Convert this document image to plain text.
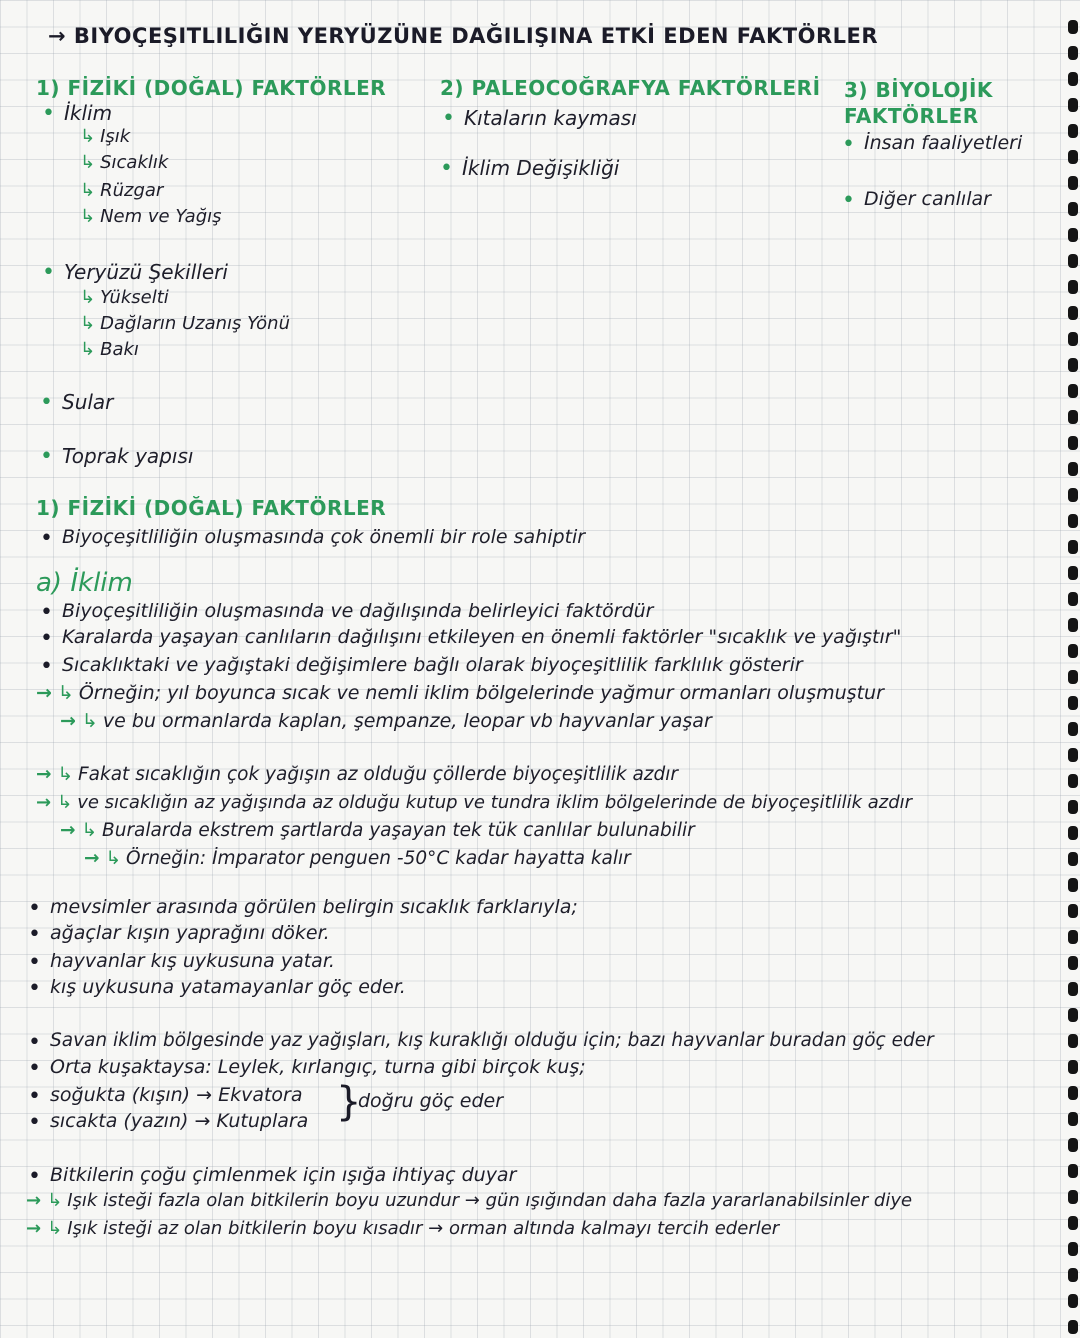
→ BIYOÇEŞITLILIĞIN YERYÜZÜNE DAĞILIŞINA ETKİ EDEN FAKTÖRLER
1) FİZİKİ (DOĞAL) FAKTÖRLER
• İklim
↳ Işık
↳ Sıcaklık
↳ Rüzgar
↳ Nem ve Yağış
• Yeryüzü Şekilleri
↳ Yükselti
↳ Dağların Uzanış Yönü
↳ Bakı
• Sular
• Toprak yapısı
2) PALEOCOĞRAFYA FAKTÖRLERİ
• Kıtaların kayması
• İklim Değişikliği
3) BİYOLOJİK
FAKTÖRLER
• İnsan faaliyetleri
• Diğer canlılar
1) FİZİKİ (DOĞAL) FAKTÖRLER
• Biyoçeşitliliğin oluşmasında çok önemli bir role sahiptir
a) İklim
• Biyoçeşitliliğin oluşmasında ve dağılışında belirleyici faktördür
• Karalarda yaşayan canlıların dağılışını etkileyen en önemli faktörler "sıcaklık ve yağıştır"
• Sıcaklıktaki ve yağıştaki değişimlere bağlı olarak biyoçeşitlilik farklılık gösterir
→ ↳ Örneğin; yıl boyunca sıcak ve nemli iklim bölgelerinde yağmur ormanları oluşmuştur
→ ↳ ve bu ormanlarda kaplan, şempanze, leopar vb hayvanlar yaşar
→ ↳ Fakat sıcaklığın çok yağışın az olduğu çöllerde biyoçeşitlilik azdır
→ ↳ ve sıcaklığın az yağışında az olduğu kutup ve tundra iklim bölgelerinde de biyoçeşitlilik azdır
→ ↳ Buralarda ekstrem şartlarda yaşayan tek tük canlılar bulunabilir
→ ↳ Örneğin: İmparator penguen -50°C kadar hayatta kalır
• mevsimler arasında görülen belirgin sıcaklık farklarıyla;
• ağaçlar kışın yaprağını döker.
• hayvanlar kış uykusuna yatar.
• kış uykusuna yatamayanlar göç eder.
• Savan iklim bölgesinde yaz yağışları, kış kuraklığı olduğu için; bazı hayvanlar buradan göç eder
• Orta kuşaktaysa: Leylek, kırlangıç, turna gibi birçok kuş;
• soğukta (kışın) → Ekvatora
• sıcakta (yazın) → Kutuplara }
doğru göç eder
• Bitkilerin çoğu çimlenmek için ışığa ihtiyaç duyar
→ ↳ Işık isteği fazla olan bitkilerin boyu uzundur → gün ışığından daha fazla yararlanabilsinler diye
→ ↳ Işık isteği az olan bitkilerin boyu kısadır → orman altında kalmayı tercih ederler
